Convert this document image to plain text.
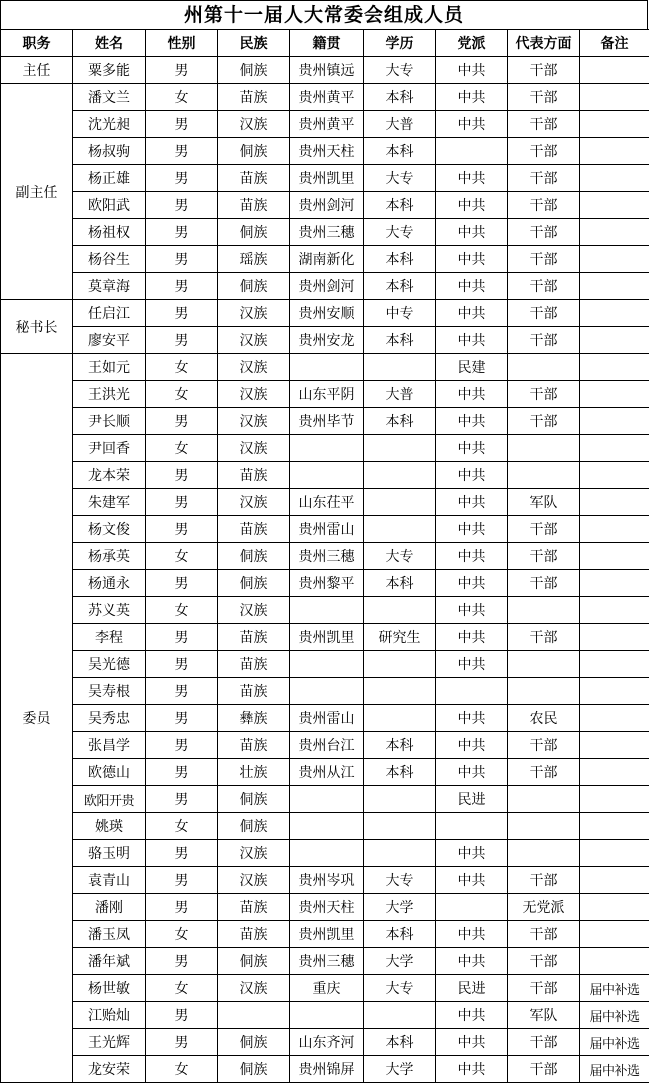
州第十一届人大常委会组成人员
职务	姓名	性别	民族	籍贯	学历	党派	代表方面	备注
主任	粟多能	男	侗族	贵州镇远	大专	中共	干部	
副主任	潘文兰	女	苗族	贵州黄平	本科	中共	干部	
	沈光昶	男	汉族	贵州黄平	大普	中共	干部	
	杨叔驹	男	侗族	贵州天柱	本科		干部	
	杨正雄	男	苗族	贵州凯里	大专	中共	干部	
	欧阳武	男	苗族	贵州剑河	本科	中共	干部	
	杨祖权	男	侗族	贵州三穗	大专	中共	干部	
	杨谷生	男	瑶族	湖南新化	本科	中共	干部	
	莫章海	男	侗族	贵州剑河	本科	中共	干部	
秘书长	任启江	男	汉族	贵州安顺	中专	中共	干部	
	廖安平	男	汉族	贵州安龙	本科	中共	干部	
委员	王如元	女	汉族			民建		
	王洪光	女	汉族	山东平阴	大普	中共	干部	
	尹长顺	男	汉族	贵州毕节	本科	中共	干部	
	尹回香	女	汉族			中共		
	龙本荣	男	苗族			中共		
	朱建军	男	汉族	山东茌平		中共	军队	
	杨文俊	男	苗族	贵州雷山		中共	干部	
	杨承英	女	侗族	贵州三穗	大专	中共	干部	
	杨通永	男	侗族	贵州黎平	本科	中共	干部	
	苏义英	女	汉族			中共		
	李程	男	苗族	贵州凯里	研究生	中共	干部	
	吴光德	男	苗族			中共		
	吴寿根	男	苗族					
	吴秀忠	男	彝族	贵州雷山		中共	农民	
	张昌学	男	苗族	贵州台江	本科	中共	干部	
	欧德山	男	壮族	贵州从江	本科	中共	干部	
	欧阳开贵	男	侗族			民进		
	姚瑛	女	侗族					
	骆玉明	男	汉族			中共		
	袁青山	男	汉族	贵州岑巩	大专	中共	干部	
	潘刚	男	苗族	贵州天柱	大学		无党派	
	潘玉凤	女	苗族	贵州凯里	本科	中共	干部	
	潘年斌	男	侗族	贵州三穗	大学	中共	干部	
	杨世敏	女	汉族	重庆	大专	民进	干部	届中补选
	江贻灿	男				中共	军队	届中补选
	王光辉	男	侗族	山东齐河	本科	中共	干部	届中补选
	龙安荣	女	侗族	贵州锦屏	大学	中共	干部	届中补选
